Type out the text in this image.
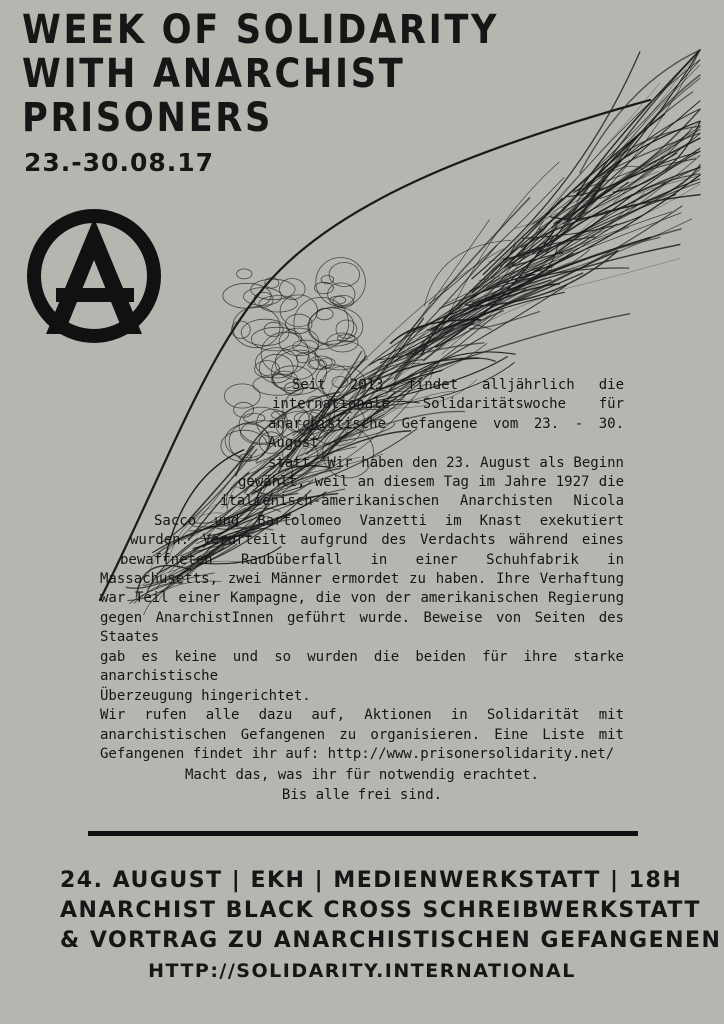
WEEK OF SOLIDARITY
WITH ANARCHIST
PRISONERS
23.-30.08.17

Seit 2013 findet alljährlich die
internationale Solidaritätswoche für
anarchistische Gefangene vom 23. - 30. August
statt. Wir haben den 23. August als Beginn
gewählt, weil an diesem Tag im Jahre 1927 die
italienisch-amerikanischen Anarchisten Nicola
Sacco und Bartolomeo Vanzetti im Knast exekutiert
wurden. Verurteilt aufgrund des Verdachts während eines
bewaffneten Raubüberfall in einer Schuhfabrik in
Massachusetts, zwei Männer ermordet zu haben. Ihre Verhaftung
war Teil einer Kampagne, die von der amerikanischen Regierung
gegen AnarchistInnen geführt wurde. Beweise von Seiten des Staates
gab es keine und so wurden die beiden für ihre starke anarchistische
Überzeugung hingerichtet.

Wir rufen alle dazu auf, Aktionen in Solidarität mit anarchistischen Gefangenen zu organisieren. Eine Liste mit Gefangenen findet ihr auf: http://www.prisonersolidarity.net/

Macht das, was ihr für notwendig erachtet.
Bis alle frei sind.

24. AUGUST | EKH | MEDIENWERKSTATT | 18H
ANARCHIST BLACK CROSS SCHREIBWERKSTATT
& VORTRAG ZU ANARCHISTISCHEN GEFANGENEN
HTTP://SOLIDARITY.INTERNATIONAL
